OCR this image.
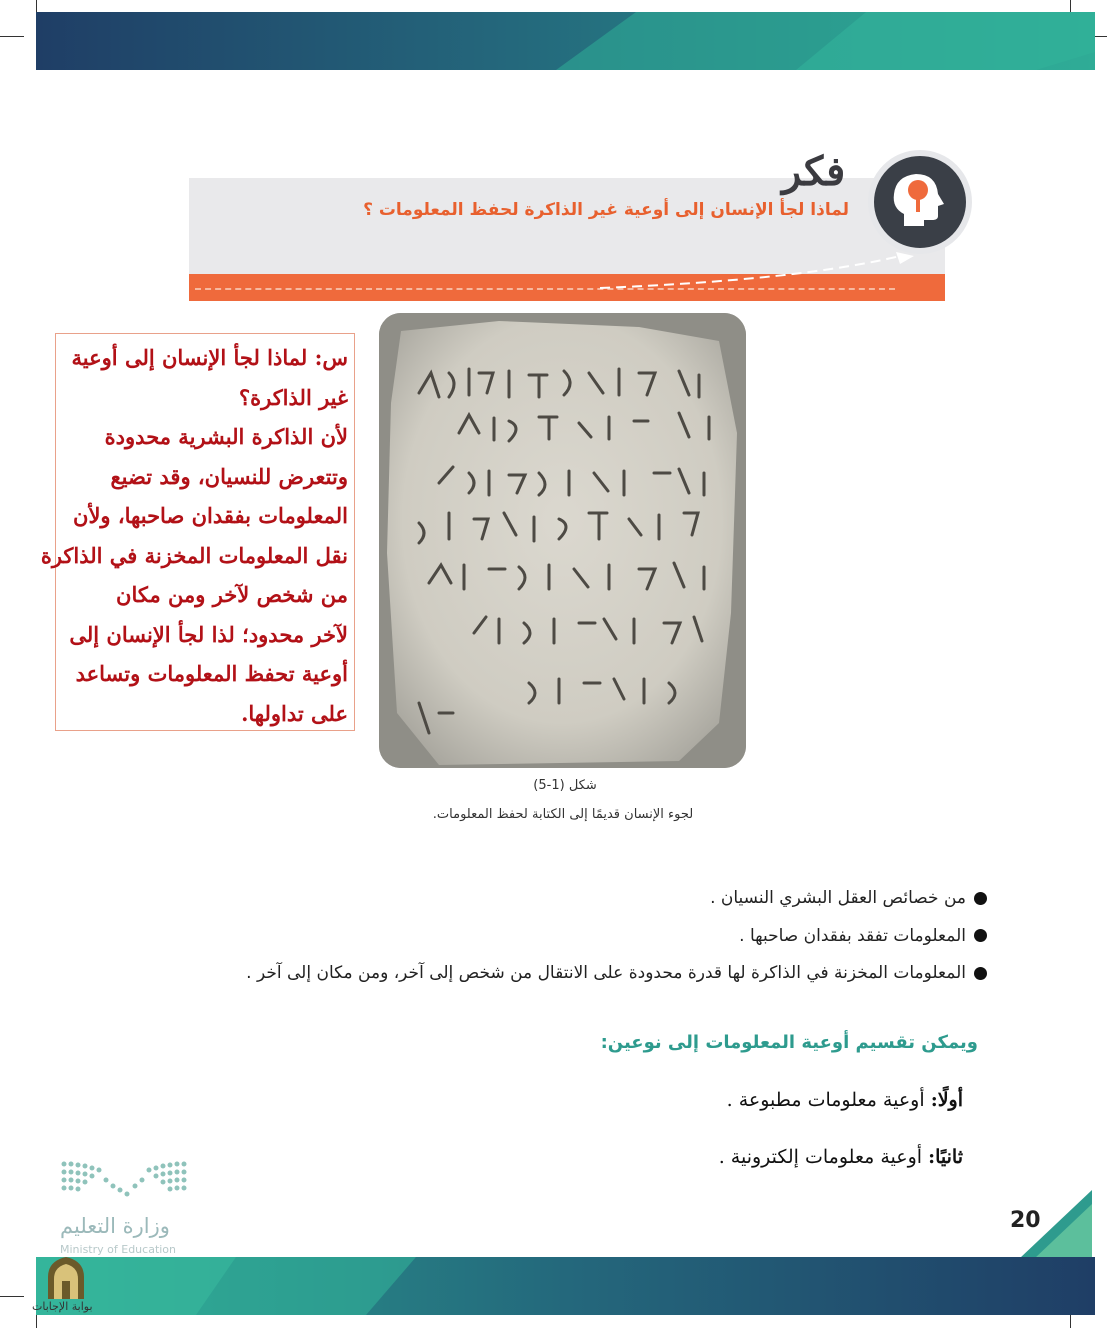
فكر
لماذا لجأ الإنسان إلى أوعية غير الذاكرة لحفظ المعلومات ؟
س: لماذا لجأ الإنسان إلى أوعية
غير الذاكرة؟
لأن الذاكرة البشرية محدودة
وتتعرض للنسيان، وقد تضيع
المعلومات بفقدان صاحبها، ولأن
نقل المعلومات المخزنة في الذاكرة
من شخص لآخر ومن مكان
لآخر محدود؛ لذا لجأ الإنسان إلى
أوعية تحفظ المعلومات وتساعد
على تداولها.
شكل (1-5)
لجوء الإنسان قديمًا إلى الكتابة لحفظ المعلومات.
من خصائص العقل البشري النسيان .
المعلومات تفقد بفقدان صاحبها .
المعلومات المخزنة في الذاكرة لها قدرة محدودة على الانتقال من شخص إلى آخر، ومن مكان إلى آخر .
ويمكن تقسيم أوعية المعلومات إلى نوعين:
أولًا: أوعية معلومات مطبوعة .
ثانيًا: أوعية معلومات إلكترونية .
وزارة التعليم
Ministry of Education
20
بوابة الإجابات
